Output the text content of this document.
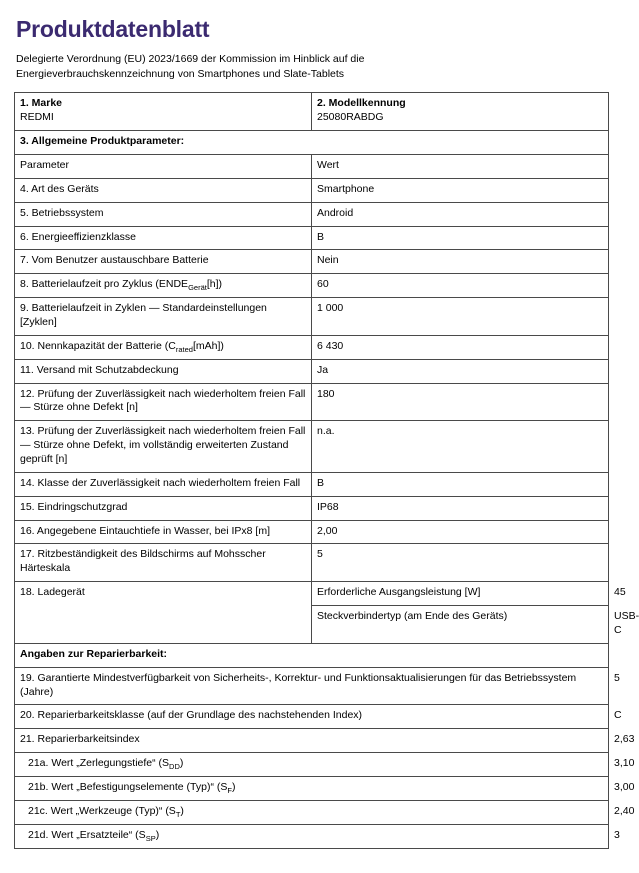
Produktdatenblatt
Delegierte Verordnung (EU) 2023/1669 der Kommission im Hinblick auf die Energieverbrauchskennzeichnung von Smartphones und Slate-Tablets
1. Marke
REDMI

2. Modellkennung
25080RABDG

3. Allgemeine Produktparameter:		
Parameter	Wert	
4. Art des Geräts	Smartphone	
5. Betriebssystem	Android	
6. Energieeffizienzklasse	B	
7. Vom Benutzer austauschbare Batterie	Nein	
8. Batterielaufzeit pro Zyklus $(ENDE_{Gerät}[h])$	60	
9. Batterielaufzeit in Zyklen — Standardeinstellungen [Zyklen]	1 000	
10. Nennkapazität der Batterie $(C_{rated}[mAh])$	6 430	
11. Versand mit Schutzabdeckung	Ja	
12. Prüfung der Zuverlässigkeit nach wiederholtem freien Fall — Stürze ohne Defekt [n]	180	
13. Prüfung der Zuverlässigkeit nach wiederholtem freien Fall — Stürze ohne Defekt, im vollständig erweiterten Zustand geprüft [n]	n.a.	
14. Klasse der Zuverlässigkeit nach wiederholtem freien Fall	B	
15. Eindringschutzgrad	IP68	
16. Angegebene Eintauchtiefe in Wasser, bei IPx8 [m]	2,00	
17. Ritzbeständigkeit des Bildschirms auf Mohsscher Härteskala	5	
18. Ladegerät	Erforderliche Ausgangsleistung [W]	45
	Steckverbindertyp (am Ende des Geräts)	USB-C
Angaben zur Reparierbarkeit:		
19. Garantierte Mindestverfügbarkeit von Sicherheits-, Korrektur- und Funktionsaktualisierungen für das Betriebssystem (Jahre)		5
20. Reparierbarkeitsklasse (auf der Grundlage des nachstehenden Index)		C
21. Reparierbarkeitsindex		2,63
21a. Wert „Zerlegungstiefe“ $(S_{DD})$		3,10
21b. Wert „Befestigungselemente (Typ)“ $(S_F)$		3,00
21c. Wert „Werkzeuge (Typ)“ $(S_T)$		2,40
21d. Wert „Ersatzteile“ $(S_{SP})$		3
